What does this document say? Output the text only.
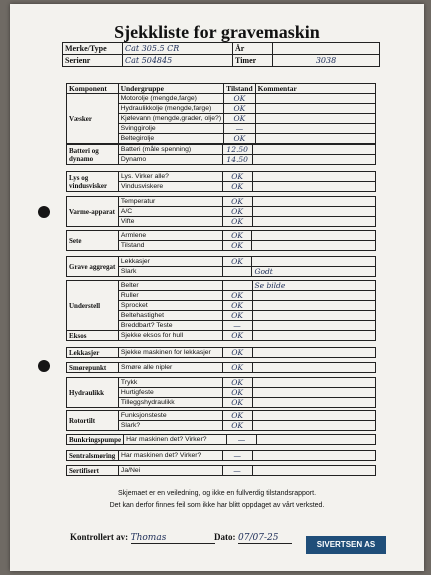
Sjekkliste for gravemaskin
Merke/Type	Cat 305.5 CR	År	
Serienr	Cat 504845	Timer	3038
Komponent	Undergruppe	Tilstand	Kommentar
Væsker	Motorolje (mengde,farge)	OK	
	Hydraulikkolje (mengde,farge)	OK	
	Kjølevann (mengde,grader, olje?)	OK	
	Svinggirolje	—	
	Beltegirolje	OK	
Batteri og dynamo	Batteri (måle spenning)	12.50	
	Dynamo	14.50	
Lys og vindusvisker	Lys. Virker alle?	OK	
	Vindusviskere	OK	
Varme-apparat	Temperatur	OK	
	A/C	OK	
	Vifte	OK	
Sete	Armlene	OK	
	Tilstand	OK	
Grave aggregat	Lekkasjer	OK	
	Slark		Godt
Understell	Belter		Se bilde
	Ruller	OK	
	Sprocket	OK	
	Beltehastighet	OK	
	Breddbart? Teste	—	
Eksos	Sjekke eksos for hull	OK	
Lekkasjer	Sjekke maskinen for lekkasjer	OK	
Smørepunkt	Smøre alle nipler	OK	
Hydraulikk	Trykk	OK	
	Hurtigfeste	OK	
	Tilleggshydraulikk	OK	
Rotortilt	Funksjonsteste	OK	
	Slark?	OK	
Bunkringspumpe	Har maskinen det? Virker?	—	
Sentralsmøring	Har maskinen det? Virker?	—	
Sertifisert	Ja/Nei	—	
Skjemaet er en veiledning, og ikke en fullverdig tilstandsrapport.
Det kan derfor finnes feil som ikke har blitt oppdaget av vårt verksted.
Kontrollert av: Thomas	Dato: 07/07-25
SIVERTSEN AS
